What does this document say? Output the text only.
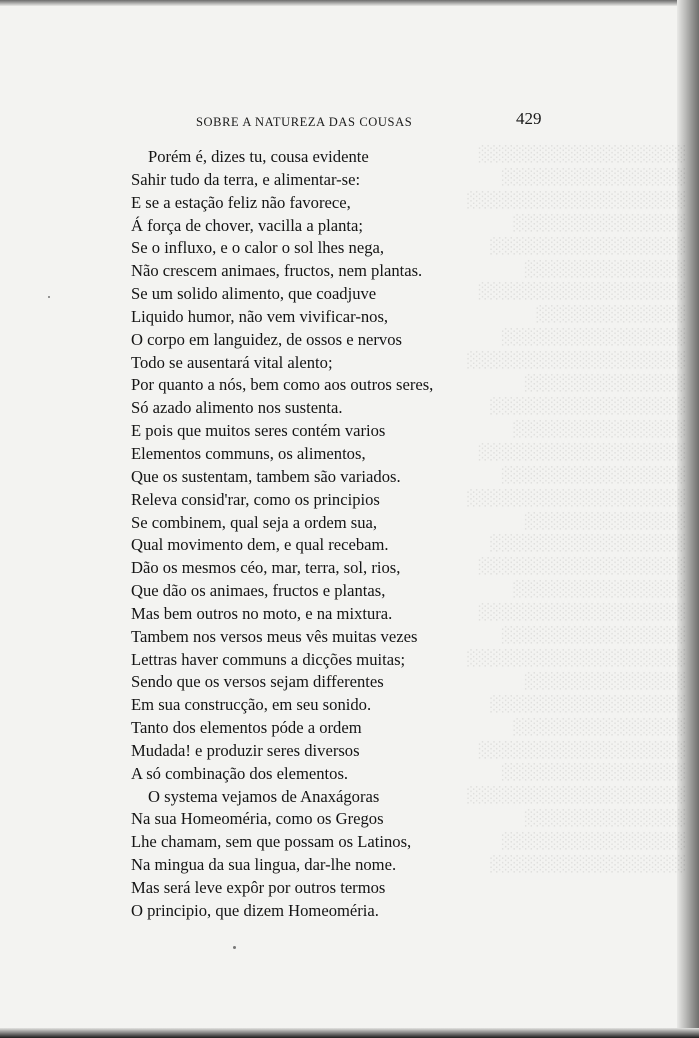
░░░░░░░░░░░░░░░░░░
░░░░░░░░░░░░░░░░
░░░░░░░░░░░░░░░░░░░
░░░░░░░░░░░░░░░
░░░░░░░░░░░░░░░░░
░░░░░░░░░░░░░░
░░░░░░░░░░░░░░░░░░
░░░░░░░░░░░░░
░░░░░░░░░░░░░░░░
░░░░░░░░░░░░░░░░░░░
░░░░░░░░░░░░░░
░░░░░░░░░░░░░░░░░
░░░░░░░░░░░░░░░
░░░░░░░░░░░░░░░░░░
░░░░░░░░░░░░░░░░
░░░░░░░░░░░░░░░░░░░
░░░░░░░░░░░░░░
░░░░░░░░░░░░░░░░░
░░░░░░░░░░░░░░░░░░
░░░░░░░░░░░░░░░
░░░░░░░░░░░░░░░░░░
░░░░░░░░░░░░░░░░
░░░░░░░░░░░░░░░░░░░
░░░░░░░░░░░░░░
░░░░░░░░░░░░░░░░░
░░░░░░░░░░░░░░░
░░░░░░░░░░░░░░░░░░
░░░░░░░░░░░░░░░░
░░░░░░░░░░░░░░░░░░░
░░░░░░░░░░░░░░
░░░░░░░░░░░░░░░░
░░░░░░░░░░░░░░░░░
SOBRE A NATUREZA DAS COUSAS	429
Porém é, dizes tu, cousa evidente
Sahir tudo da terra, e alimentar-se:
E se a estação feliz não favorece,
Á força de chover, vacilla a planta;
Se o influxo, e o calor o sol lhes nega,
Não crescem animaes, fructos, nem plantas.
Se um solido alimento, que coadjuve
Liquido humor, não vem vivificar-nos,
O corpo em languidez, de ossos e nervos
Todo se ausentará vital alento;
Por quanto a nós, bem como aos outros seres,
Só azado alimento nos sustenta.
E pois que muitos seres contém varios
Elementos communs, os alimentos,
Que os sustentam, tambem são variados.
Releva consid'rar, como os principios
Se combinem, qual seja a ordem sua,
Qual movimento dem, e qual recebam.
Dão os mesmos céo, mar, terra, sol, rios,
Que dão os animaes, fructos e plantas,
Mas bem outros no moto, e na mixtura.
Tambem nos versos meus vês muitas vezes
Lettras haver communs a dicções muitas;
Sendo que os versos sejam differentes
Em sua construcção, em seu sonido.
Tanto dos elementos póde a ordem
Mudada! e produzir seres diversos
A só combinação dos elementos.
O systema vejamos de Anaxágoras
Na sua Homeoméria, como os Gregos
Lhe chamam, sem que possam os Latinos,
Na mingua da sua lingua, dar-lhe nome.
Mas será leve expôr por outros termos
O principio, que dizem Homeoméria.
